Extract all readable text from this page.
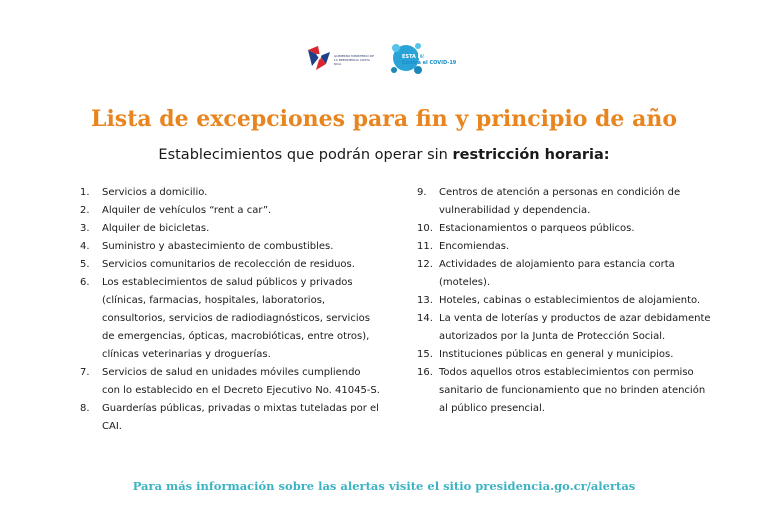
GOBIERNO MINISTERIO DE LA PRESIDENCIA COSTA RICA
ESTA EN TUS MANOS
Contra el COVID-19
Lista de excepciones para fin y principio de año
Establecimientos que podrán operar sin restricción horaria:
1.	Servicios a domicilio.
2.	Alquiler de vehículos “rent a car”.
3.	Alquiler de bicicletas.
4.	Suministro y abastecimiento de combustibles.
5.	Servicios comunitarios de recolección de residuos.
6.	Los establecimientos de salud públicos y privados (clínicas, farmacias, hospitales, laboratorios, consultorios, servicios de radiodiagnósticos, servicios de emergencias, ópticas, macrobióticas, entre otros), clínicas veterinarias y droguerías.
7.	Servicios de salud en unidades móviles cumpliendo con lo establecido en el Decreto Ejecutivo No. 41045-S.
8.	Guarderías públicas, privadas o mixtas tuteladas por el CAI.
9.	Centros de atención a personas en condición de vulnerabilidad y dependencia.
10. Estacionamientos o parqueos públicos.
11. Encomiendas.
12. Actividades de alojamiento para estancia corta (moteles).
13. Hoteles, cabinas o establecimientos de alojamiento.
14. La venta de loterías y productos de azar debidamente autorizados por la Junta de Protección Social.
15. Instituciones públicas en general y municipios.
16. Todos aquellos otros establecimientos con permiso sanitario de funcionamiento que no brinden atención al público presencial.
Para más información sobre las alertas visite el sitio presidencia.go.cr/alertas
